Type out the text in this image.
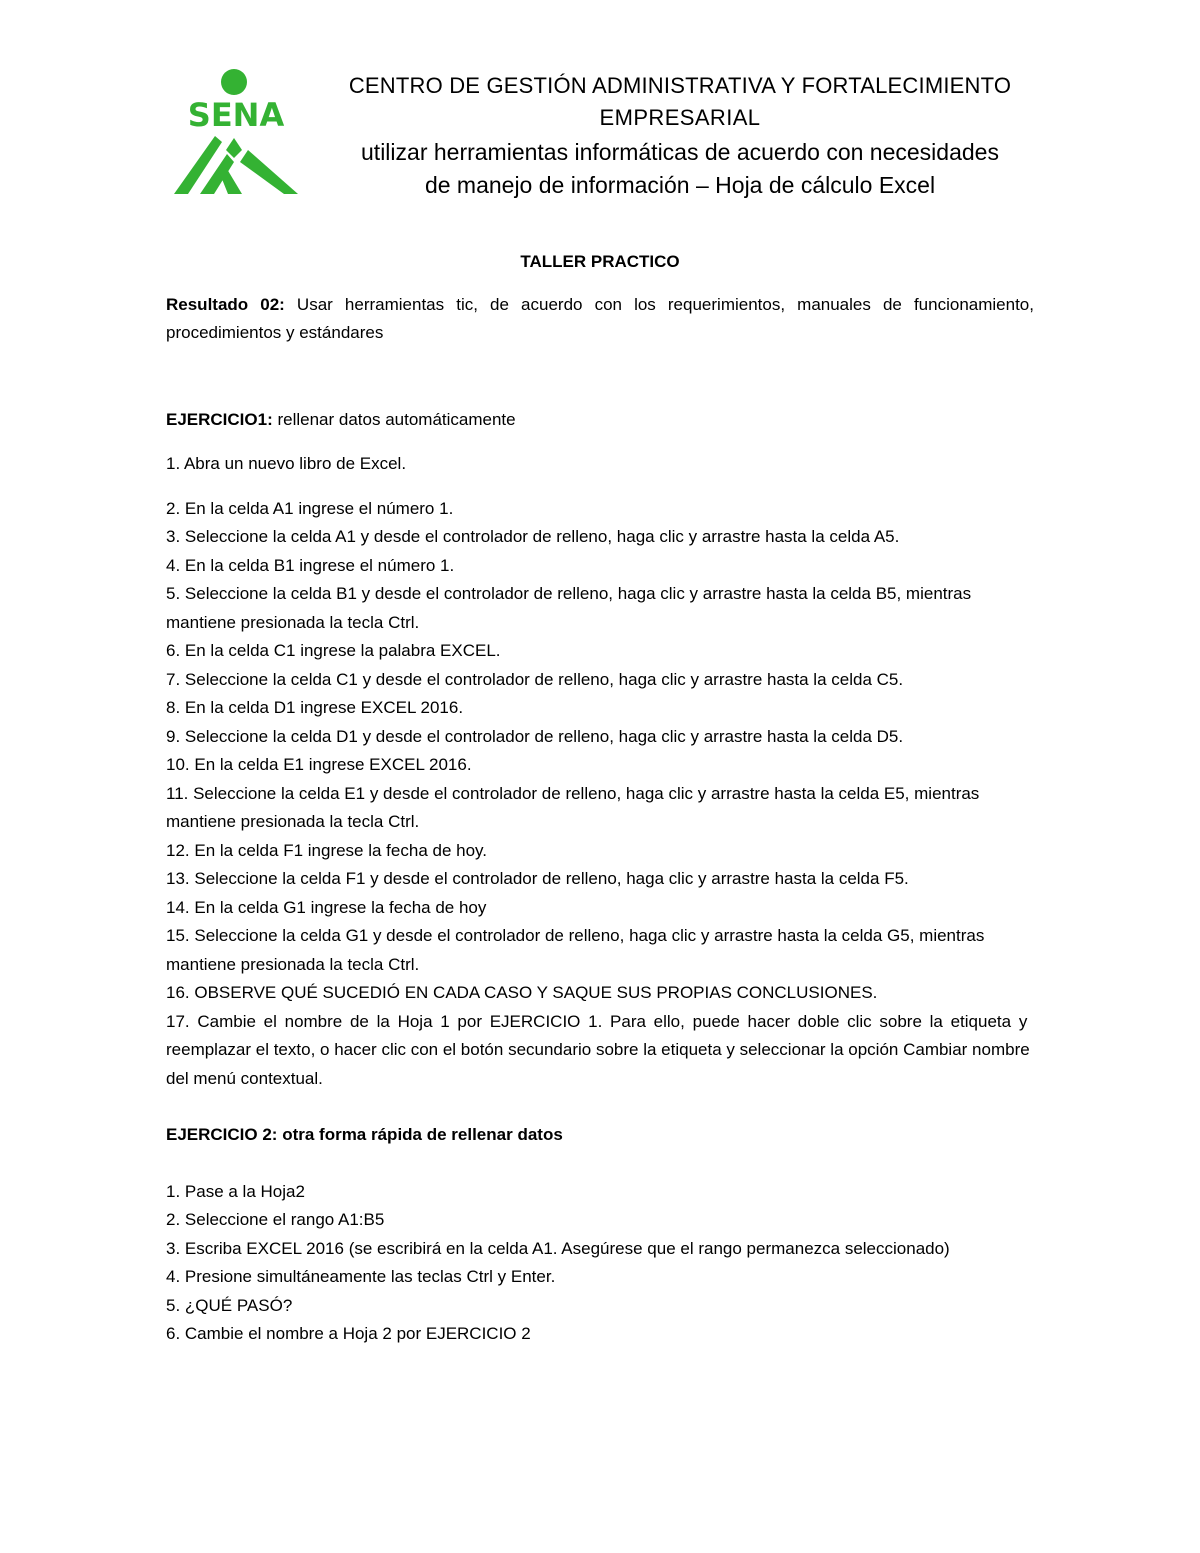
SENA
CENTRO DE GESTIÓN ADMINISTRATIVA Y FORTALECIMIENTO
EMPRESARIAL
utilizar herramientas informáticas de acuerdo con necesidades
de manejo de información – Hoja de cálculo Excel

TALLER PRACTICO

Resultado 02: Usar herramientas tic, de acuerdo con los requerimientos, manuales de funcionamiento, procedimientos y estándares

EJERCICIO1: rellenar datos automáticamente

1. Abra un nuevo libro de Excel.

2. En la celda A1 ingrese el número 1.

3. Seleccione la celda A1 y desde el controlador de relleno, haga clic y arrastre hasta la celda A5.

4. En la celda B1 ingrese el número 1.

5. Seleccione la celda B1 y desde el controlador de relleno, haga clic y arrastre hasta la celda B5, mientras mantiene presionada la tecla Ctrl.

6. En la celda C1 ingrese la palabra EXCEL.

7. Seleccione la celda C1 y desde el controlador de relleno, haga clic y arrastre hasta la celda C5.

8. En la celda D1 ingrese EXCEL 2016.

9. Seleccione la celda D1 y desde el controlador de relleno, haga clic y arrastre hasta la celda D5.

10. En la celda E1 ingrese EXCEL 2016.

11. Seleccione la celda E1 y desde el controlador de relleno, haga clic y arrastre hasta la celda E5, mientras mantiene presionada la tecla Ctrl.

12. En la celda F1 ingrese la fecha de hoy.

13. Seleccione la celda F1 y desde el controlador de relleno, haga clic y arrastre hasta la celda F5.

14. En la celda G1 ingrese la fecha de hoy

15. Seleccione la celda G1 y desde el controlador de relleno, haga clic y arrastre hasta la celda G5, mientras mantiene presionada la tecla Ctrl.

16. OBSERVE QUÉ SUCEDIÓ EN CADA CASO Y SAQUE SUS PROPIAS CONCLUSIONES.

17. Cambie el nombre de la Hoja 1 por EJERCICIO 1. Para ello, puede hacer doble clic sobre la etiqueta y

reemplazar el texto, o hacer clic con el botón secundario sobre la etiqueta y seleccionar la opción Cambiar nombre del menú contextual.

EJERCICIO 2: otra forma rápida de rellenar datos

1. Pase a la Hoja2

2. Seleccione el rango A1:B5

3. Escriba EXCEL 2016 (se escribirá en la celda A1. Asegúrese que el rango permanezca seleccionado)

4. Presione simultáneamente las teclas Ctrl y Enter.

5. ¿QUÉ PASÓ?

6. Cambie el nombre a Hoja 2 por EJERCICIO 2
